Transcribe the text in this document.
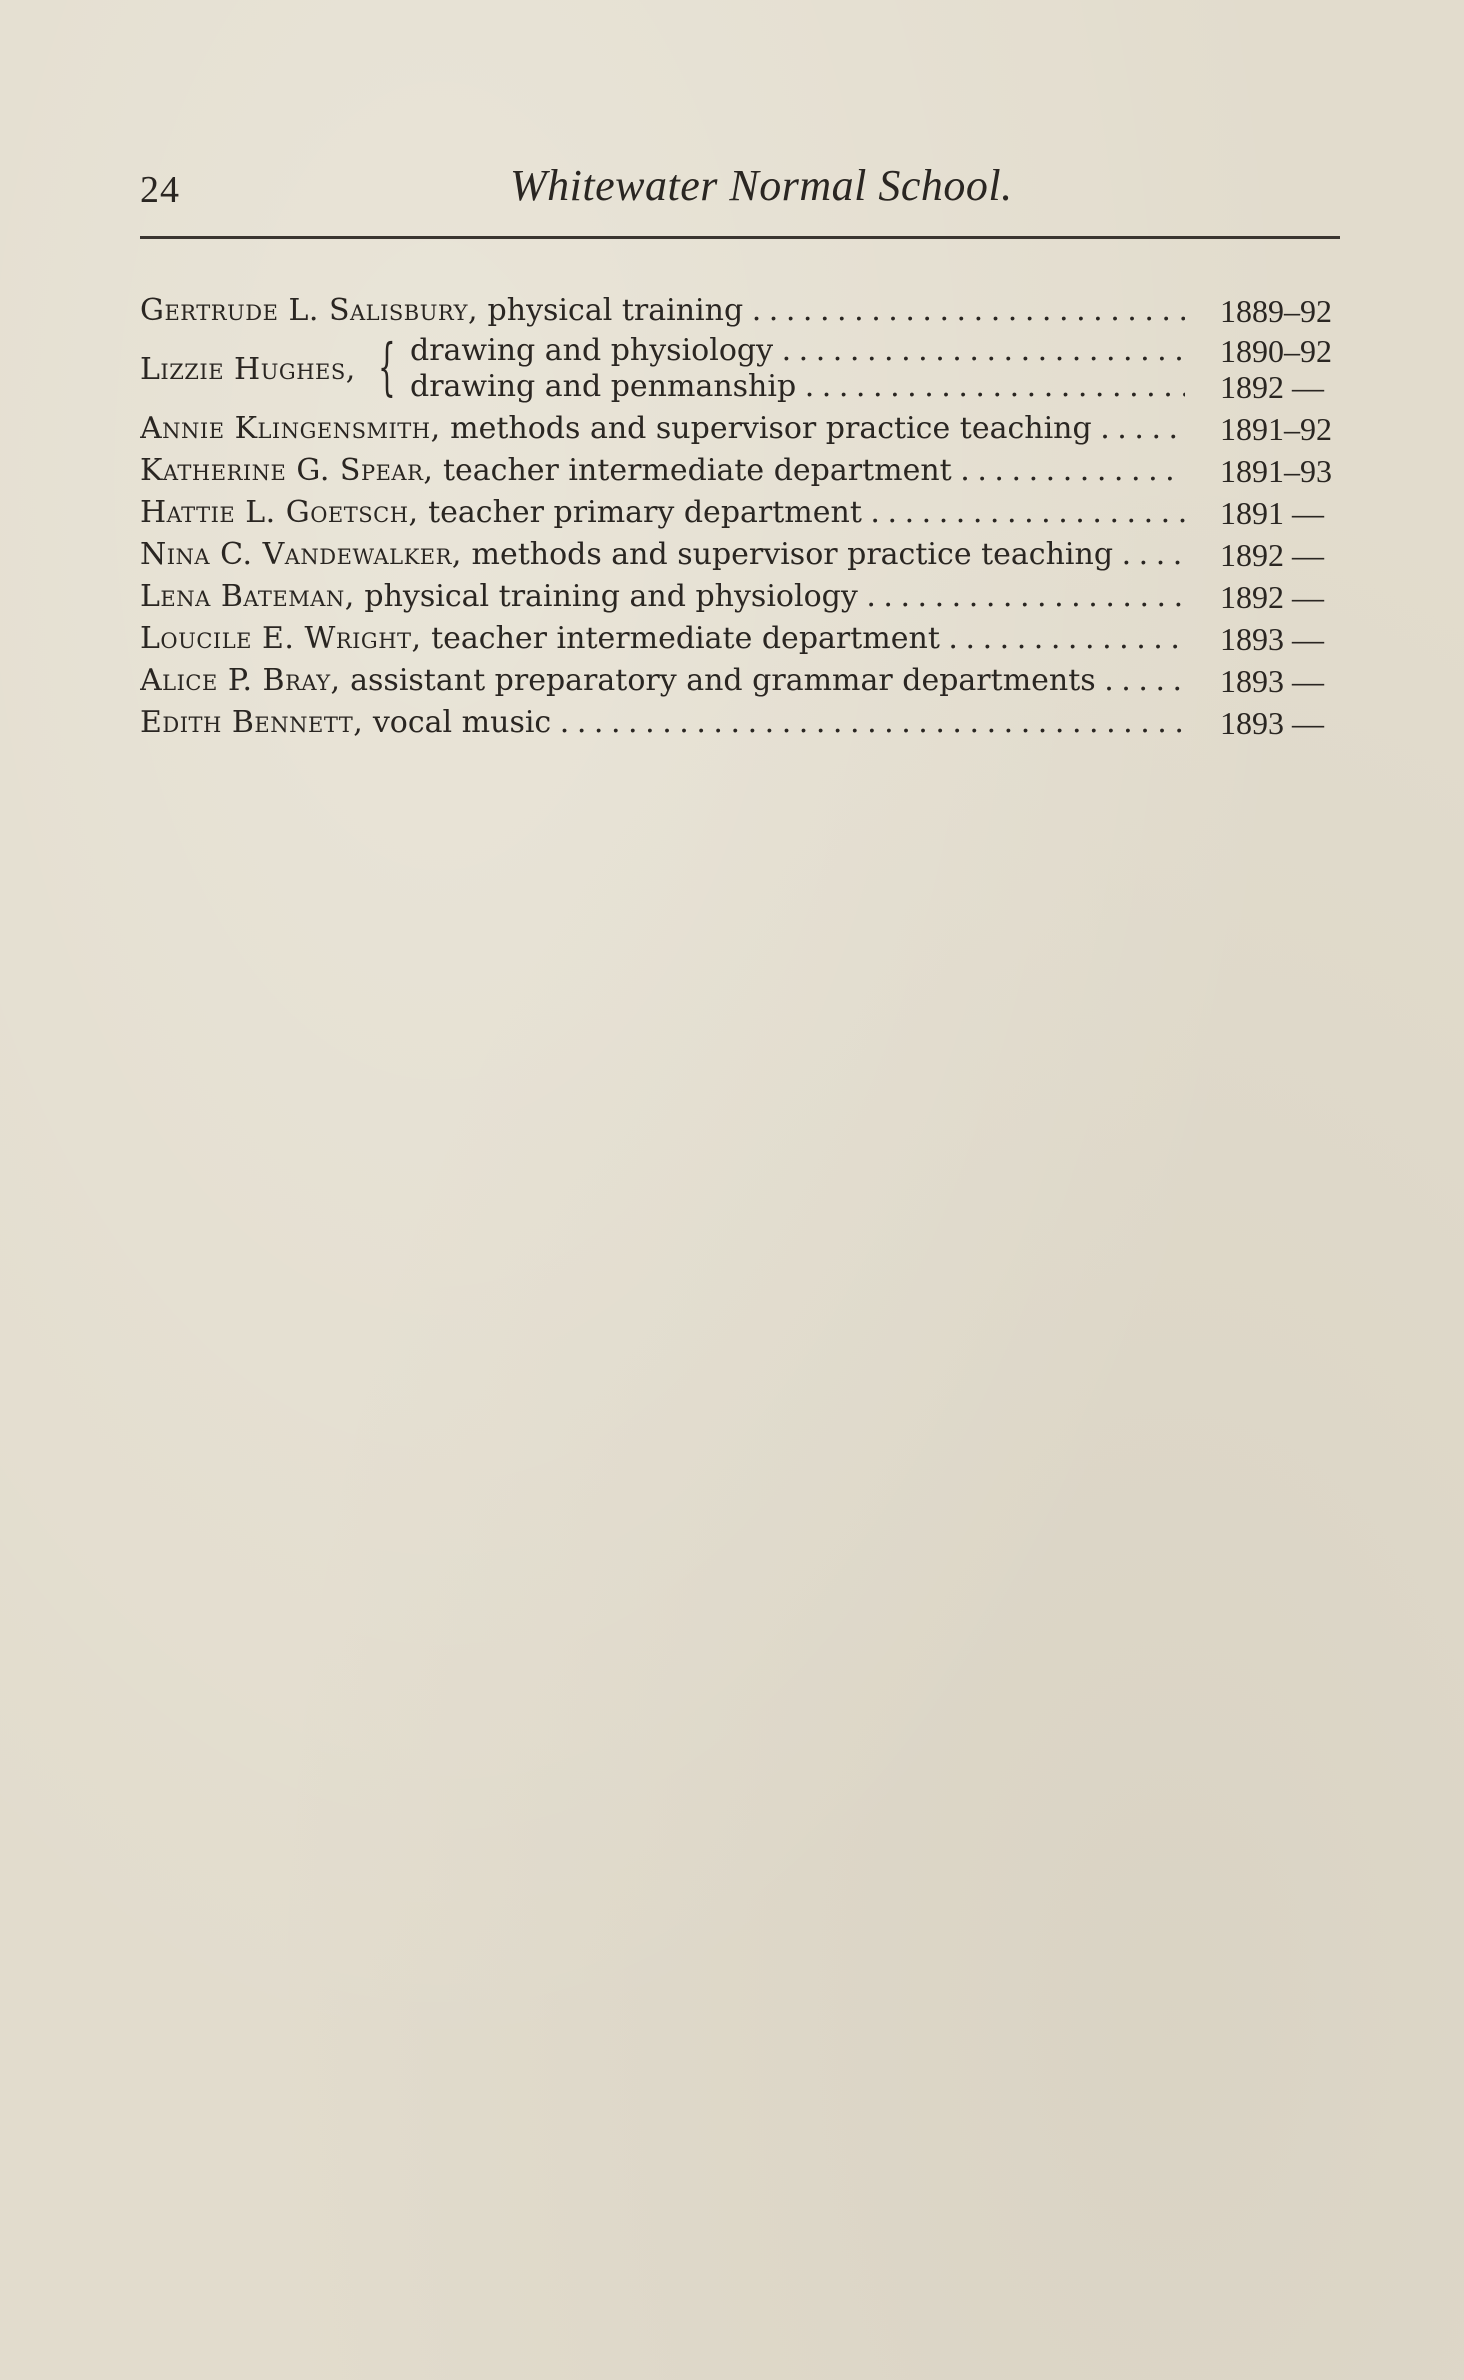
24	Whitewater Normal School.
Gertrude L. Salisbury, physical training . . .	1889–92
Lizzie Hughes, { drawing and physiology . . .	1890–92
drawing and penmanship . . .	1892 —
Annie Klingensmith, methods and supervisor practice teaching . . .	1891–92
Katherine G. Spear, teacher intermediate department . . .	1891–93
Hattie L. Goetsch, teacher primary department . . .	1891 —
Nina C. Vandewalker, methods and supervisor practice teaching . . .	1892 —
Lena Bateman, physical training and physiology . . .	1892 —
Loucile E. Wright, teacher intermediate department . . .	1893 —
Alice P. Bray, assistant preparatory and grammar departments . . .	1893 —
Edith Bennett, vocal music . . .	1893 —
